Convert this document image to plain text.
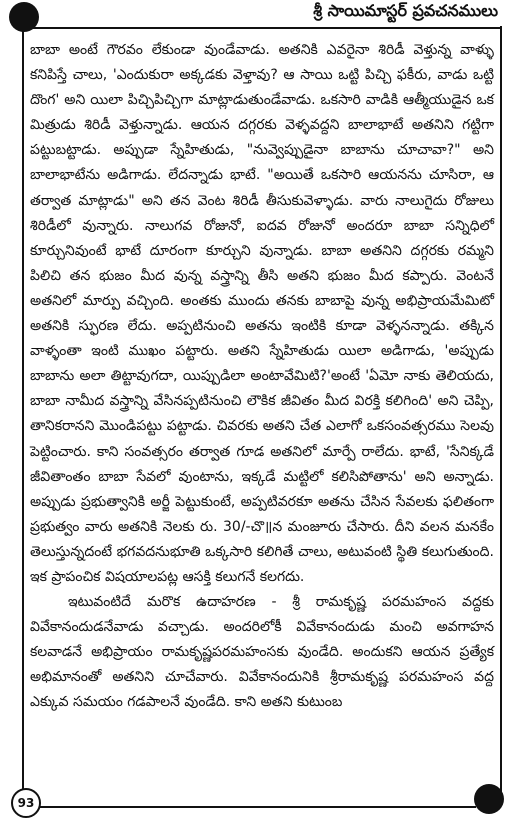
శ్రీ సాయిమాస్టర్ ప్రవచనములు

బాబా అంటే గౌరవం లేకుండా వుండేవాడు. అతనికి ఎవరైనా శిరిడీ వెళ్తున్న వాళ్ళు కనిపిస్తే చాలు, 'ఎందుకురా అక్కడకు వెళ్తావు? ఆ సాయి ఒట్టి పిచ్చి ఫకీరు, వాడు ఒట్టి దొంగ' అని యిలా పిచ్చిపిచ్చిగా మాట్లాడుతుండేవాడు. ఒకసారి వాడికి ఆత్మీయుడైన ఒక మిత్రుడు శిరిడీ వెళ్తున్నాడు. ఆయన దగ్గరకు వెళ్ళవద్దని బాలాభాటే అతనిని గట్టిగా పట్టుబట్టాడు. అప్పుడా స్నేహితుడు, "నువ్వెప్పుడైనా బాబాను చూచావా?" అని బాలాభాటేను అడిగాడు. లేదన్నాడు భాటే. "అయితే ఒకసారి ఆయనను చూసిరా, ఆ తర్వాత మాట్లాడు" అని తన వెంట శిరిడీ తీసుకువెళ్ళాడు. వారు నాలుగైదు రోజులు శిరిడీలో వున్నారు. నాలుగవ రోజునో, ఐదవ రోజునో అందరూ బాబా సన్నిధిలో కూర్చునివుంటే భాటే దూరంగా కూర్చుని వున్నాడు. బాబా అతనిని దగ్గరకు రమ్మని పిలిచి తన భుజం మీద వున్న వస్త్రాన్ని తీసి అతని భుజం మీద కప్పారు. వెంటనే అతనిలో మార్పు వచ్చింది. అంతకు ముందు తనకు బాబాపై వున్న అభిప్రాయమేమిటో అతనికి స్ఫురణ లేదు. అప్పటినుంచి అతను ఇంటికి కూడా వెళ్ళనన్నాడు. తక్కిన వాళ్ళంతా ఇంటి ముఖం పట్టారు. అతని స్నేహితుడు యిలా అడిగాడు, 'అప్పుడు బాబాను అలా తిట్టావుగదా, యిప్పుడిలా అంటావేమిటి?'అంటే 'ఏమో నాకు తెలియదు, బాబా నామీద వస్త్రాన్ని వేసినప్పటినుంచి లౌకిక జీవితం మీద విరక్తి కలిగింది' అని చెప్పి, తానికరానని మొండిపట్టు పట్టాడు. చివరకు అతని చేత ఎలాగో ఒకసంవత్సరము సెలవు పెట్టించారు. కాని సంవత్సరం తర్వాత గూడ అతనిలో మార్పే రాలేదు. భాటే, 'సేనిక్కడే జీవితాంతం బాబా సేవలో వుంటాను, ఇక్కడే మట్టిలో కలిసిపోతాను' అని అన్నాడు. అప్పుడు ప్రభుత్వానికి అర్జీ పెట్టుకుంటే, అప్పటివరకూ అతను చేసిన సేవలకు ఫలితంగా ప్రభుత్వం వారు అతనికి నెలకు రు. 30/-చొ॥న మంజూరు చేసారు. దీని వలన మనకేం తెలుస్తున్నదంటే భగవదనుభూతి ఒక్కసారి కలిగితే చాలు, అటువంటి స్థితి కలుగుతుంది. ఇక ప్రాపంచిక విషయాలపట్ల ఆసక్తి కలుగనే కలగదు.

ఇటువంటిదే మరొక ఉదాహరణ - శ్రీ రామకృష్ణ పరమహంస వద్దకు వివేకానందుడనేవాడు వచ్చాడు. అందరిలోకీ వివేకానందుడు మంచి అవగాహన కలవాడనే అభిప్రాయం రామకృష్ణపరమహంసకు వుండేది. అందుకని ఆయన ప్రత్యేక అభిమానంతో అతనిని చూచేవారు. వివేకానందునికి శ్రీరామకృష్ణ పరమహంస వద్ద ఎక్కువ సమయం గడపాలనే వుండేది. కాని అతని కుటుంబ

93
